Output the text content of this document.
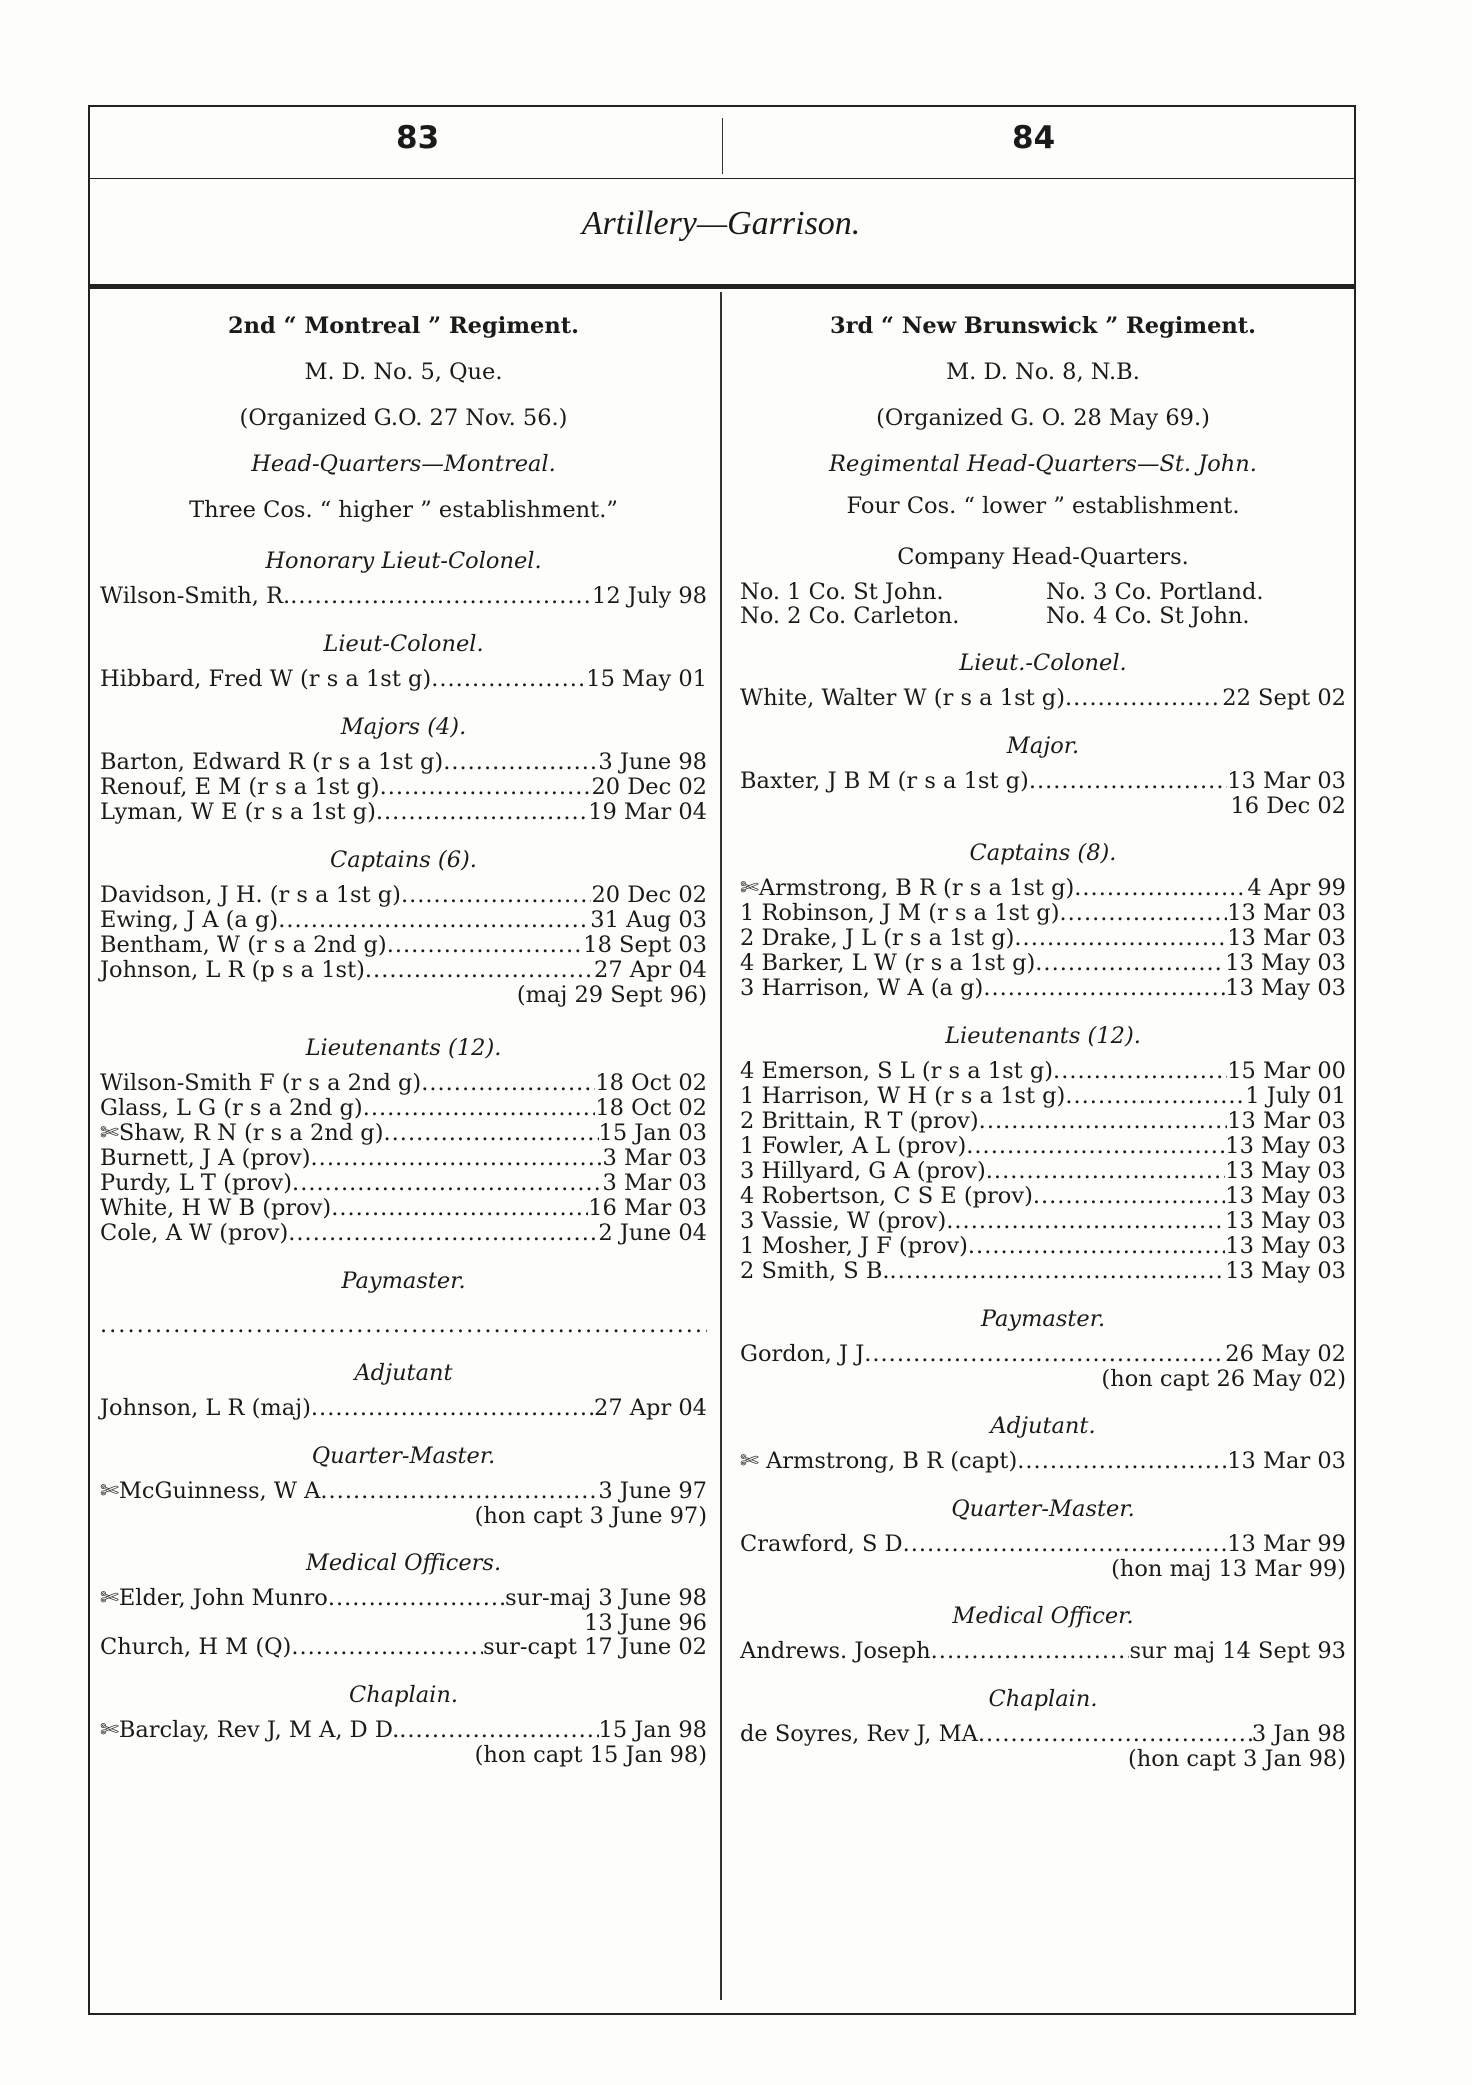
83	84
Artillery—Garrison.

2nd “ Montreal ” Regiment.

M. D. No. 5, Que.

(Organized G.O. 27 Nov. 56.)

Head-Quarters—Montreal.

Three Cos. “ higher ” establishment.”

Honorary Lieut-Colonel.
Wilson-Smith, R. .....	12 July 98
Lieut-Colonel.
Hibbard, Fred W (r s a 1st g) .....	15 May 01
Majors (4).
Barton, Edward R (r s a 1st g) .....	3 June 98
Renouf, E M (r s a 1st g) .....	20 Dec 02
Lyman, W E (r s a 1st g) .....	19 Mar 04
Captains (6).
Davidson, J H. (r s a 1st g) .....	20 Dec 02
Ewing, J A (a g) .....	31 Aug 03
Bentham, W (r s a 2nd g) .....	18 Sept 03
Johnson, L R (p s a 1st) .....	27 Apr 04
(maj 29 Sept 96)
Lieutenants (12).
Wilson-Smith F (r s a 2nd g) .....	18 Oct 02
Glass, L G (r s a 2nd g) .....	18 Oct 02
✄Shaw, R N (r s a 2nd g) .....	15 Jan 03
Burnett, J A (prov) .....	3 Mar 03
Purdy, L T (prov) .....	3 Mar 03
White, H W B (prov) .....	16 Mar 03
Cole, A W (prov) .....	2 June 04
Paymaster.
.....
Adjutant
Johnson, L R (maj) .....	27 Apr 04
Quarter-Master.
✄McGuinness, W A .....	3 June 97
(hon capt 3 June 97)
Medical Officers.
✄Elder, John Munro .....	sur-maj 3 June 98
13 June 96
Church, H M (Q) .....	sur-capt 17 June 02
Chaplain.
✄Barclay, Rev J, M A, D D. .....	15 Jan 98
(hon capt 15 Jan 98)

3rd “ New Brunswick ” Regiment.

M. D. No. 8, N.B.

(Organized G. O. 28 May 69.)

Regimental Head-Quarters—St. John.

Four Cos. “ lower ” establishment.

Company Head-Quarters.
No. 1 Co. St John.	No. 3 Co. Portland.
No. 2 Co. Carleton.	No. 4 Co. St John.
Lieut.-Colonel.
White, Walter W (r s a 1st g) .....	22 Sept 02
Major.
Baxter, J B M (r s a 1st g) .....	13 Mar 03
16 Dec 02
Captains (8).
✄Armstrong, B R (r s a 1st g) .....	4 Apr 99
1 Robinson, J M (r s a 1st g) .....	13 Mar 03
2 Drake, J L (r s a 1st g) .....	13 Mar 03
4 Barker, L W (r s a 1st g) .....	13 May 03
3 Harrison, W A (a g) .....	13 May 03
Lieutenants (12).
4 Emerson, S L (r s a 1st g) .....	15 Mar 00
1 Harrison, W H (r s a 1st g) .....	1 July 01
2 Brittain, R T (prov) .....	13 Mar 03
1 Fowler, A L (prov) .....	13 May 03
3 Hillyard, G A (prov) .....	13 May 03
4 Robertson, C S E (prov) .....	13 May 03
3 Vassie, W (prov) .....	13 May 03
1 Mosher, J F (prov) .....	13 May 03
2 Smith, S B. .....	13 May 03
Paymaster.
Gordon, J J .....	26 May 02
(hon capt 26 May 02)
Adjutant.
✄ Armstrong, B R (capt) .....	13 Mar 03
Quarter-Master.
Crawford, S D .....	13 Mar 99
(hon maj 13 Mar 99)
Medical Officer.
Andrews. Joseph .....	sur maj 14 Sept 93
Chaplain.
de Soyres, Rev J, MA .....	3 Jan 98
(hon capt 3 Jan 98)
